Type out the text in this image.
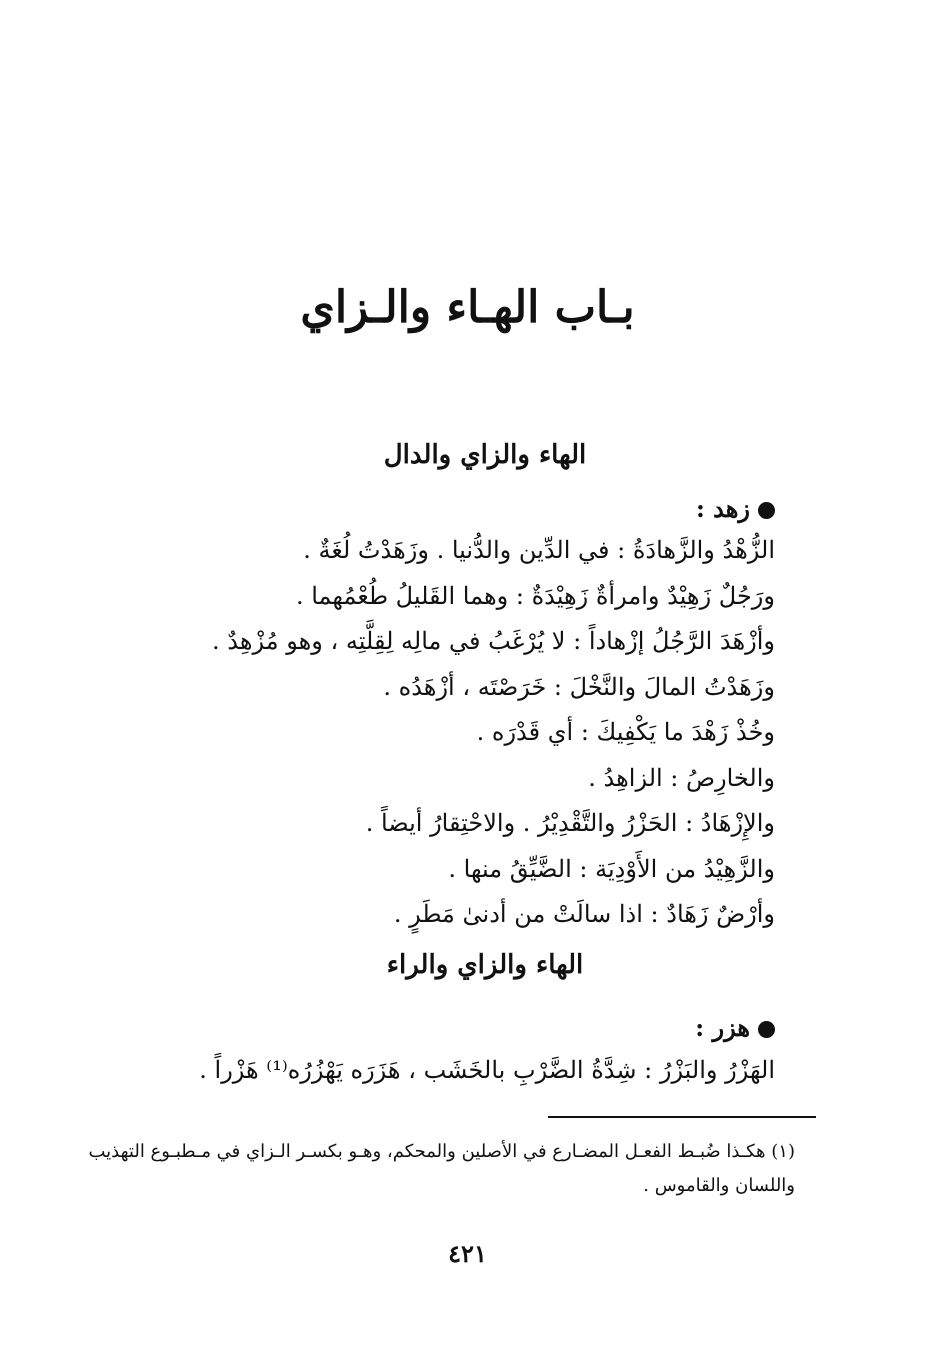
بـاب الهـاء والـزاي
الهاء والزاي والدال
زهد :
الزُّهْدُ والزَّهادَةُ : في الدِّين والدُّنيا . وزَهَدْتُ لُغَةٌ .
ورَجُلٌ زَهِيْدٌ وامرأةٌ زَهِيْدَةٌ : وهما القَليلُ طُعْمُهما .
وأزْهَدَ الرَّجُلُ إزْهاداً : لا يُرْغَبُ في مالِه لِقِلَّتِه ، وهو مُزْهِدٌ .
وزَهَدْتُ المالَ والنَّخْلَ : خَرَصْتَه ، أزْهَدُه .
وخُذْ زَهْدَ ما يَكْفِيكَ : أي قَدْرَه .
والخارِصُ : الزاهِدُ .
والإِزْهَادُ : الحَزْرُ والتَّقْدِيْرُ . والاحْتِقارُ أيضاً .
والزَّهِيْدُ من الأَوْدِيَة : الضَّيِّقُ منها .
وأرْضٌ زَهَادٌ : اذا سالَتْ من أدنىٰ مَطَرٍ .
الهاء والزاي والراء
هزر :
الهَزْرُ والبَزْرُ : شِدَّةُ الضَّرْبِ بالخَشَب ، هَزَرَه يَهْزُرُه⁽¹⁾ هَزْراً .
(١) هكـذا ضُبـط الفعـل المضـارع في الأصلين والمحكم، وهـو بكسـر الـزاي في مـطبـوع التهذيب
واللسان والقاموس .
٤٢١
